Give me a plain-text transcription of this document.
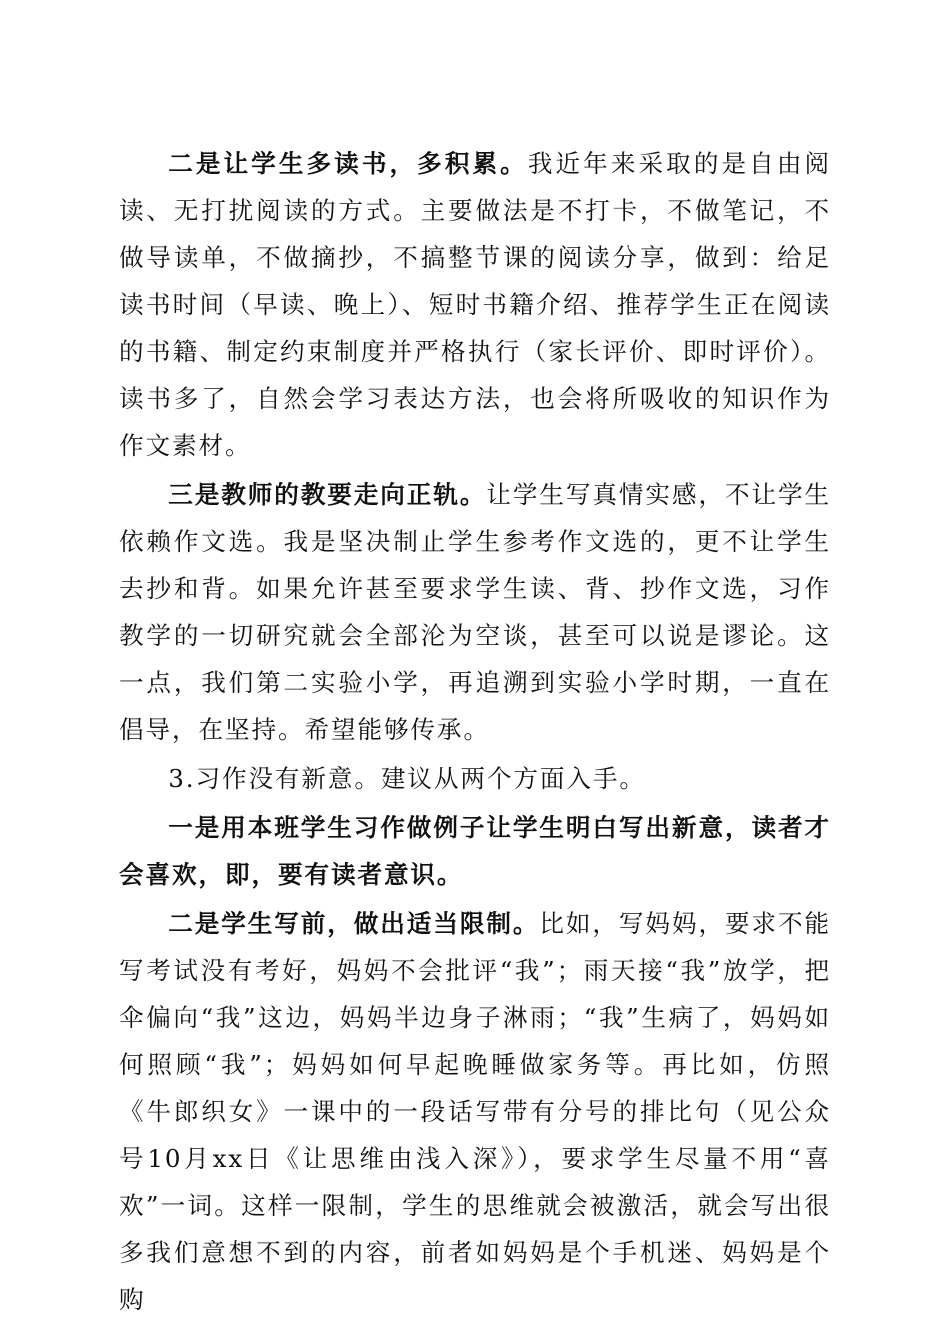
二是让学生多读书，多积累。我近年来采取的是自由阅读、无打扰阅读的方式。主要做法是不打卡，不做笔记，不做导读单，不做摘抄，不搞整节课的阅读分享，做到：给足读书时间（早读、晚上）、短时书籍介绍、推荐学生正在阅读的书籍、制定约束制度并严格执行（家长评价、即时评价）。读书多了，自然会学习表达方法，也会将所吸收的知识作为作文素材。

三是教师的教要走向正轨。让学生写真情实感，不让学生依赖作文选。我是坚决制止学生参考作文选的，更不让学生去抄和背。如果允许甚至要求学生读、背、抄作文选，习作教学的一切研究就会全部沦为空谈，甚至可以说是谬论。这一点，我们第二实验小学，再追溯到实验小学时期，一直在倡导，在坚持。希望能够传承。

3.习作没有新意。建议从两个方面入手。

一是用本班学生习作做例子让学生明白写出新意，读者才会喜欢，即，要有读者意识。

二是学生写前，做出适当限制。比如，写妈妈，要求不能写考试没有考好，妈妈不会批评“我”；雨天接“我”放学，把伞偏向“我”这边，妈妈半边身子淋雨；“我”生病了，妈妈如何照顾“我”；妈妈如何早起晚睡做家务等。再比如，仿照《牛郎织女》一课中的一段话写带有分号的排比句（见公众号10月xx日《让思维由浅入深》），要求学生尽量不用“喜欢”一词。这样一限制，学生的思维就会被激活，就会写出很多我们意想不到的内容，前者如妈妈是个手机迷、妈妈是个购
